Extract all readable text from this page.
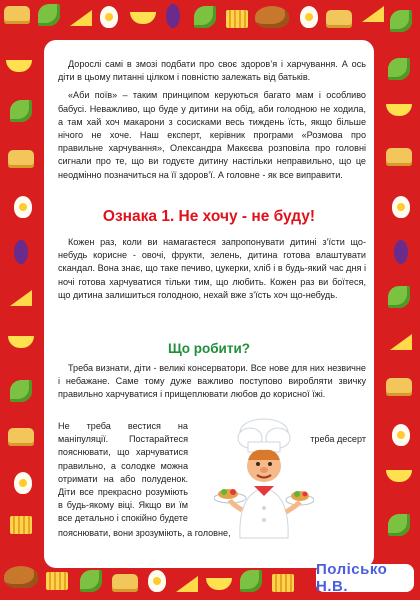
Дорослі самі в змозі подбати про своє здоров’я і харчування. А ось діти в цьому питанні цілком і повністю залежать від батьків.

«Аби поїв» – таким принципом керуються багато мам і особливо бабусі. Неважливо, що буде у дитини на обід, аби голодною не ходила, а там хай хоч макарони з сосисками весь тиждень їсть, якщо більше нічого не хоче. Наш експерт, керівник програми «Розмова про правильне харчування», Олександра Макєєва розповіла про головні сигнали про те, що ви годуєте дитину настільки неправильно, що це неодмінно позначиться на її здоров’ї. А головне - як все виправити.

Ознака 1. Не хочу - не буду!

Кожен раз, коли ви намагаєтеся запропонувати дитині з’їсти що-небудь корисне - овочі, фрукти, зелень, дитина готова влаштувати скандал. Вона знає, що таке печиво, цукерки, хліб і в будь-який час дня і ночі готова харчуватися тільки тим, що любить. Кожен раз ви боїтеся, що дитина залишиться голодною, нехай вже з’їсть хоч що-небудь.

Що робити?

Треба визнати, діти - великі консерватори. Все нове для них незвичне і небажане. Саме тому дуже важливо поступово виробляти звичку правильно харчуватися і прищеплювати любов до корисної їжі.

Не треба вестися на маніпуляції. Постарайтеся пояснювати, що харчуватися правильно, а солодке можна отримати на або полуденок. Діти все прекрасно розуміють в будь-якому віці. Якщо ви їм все детально і спокійно будете
треба десерт
пояснювати, вони зрозуміють, а головне,
Полісько Н.В.
